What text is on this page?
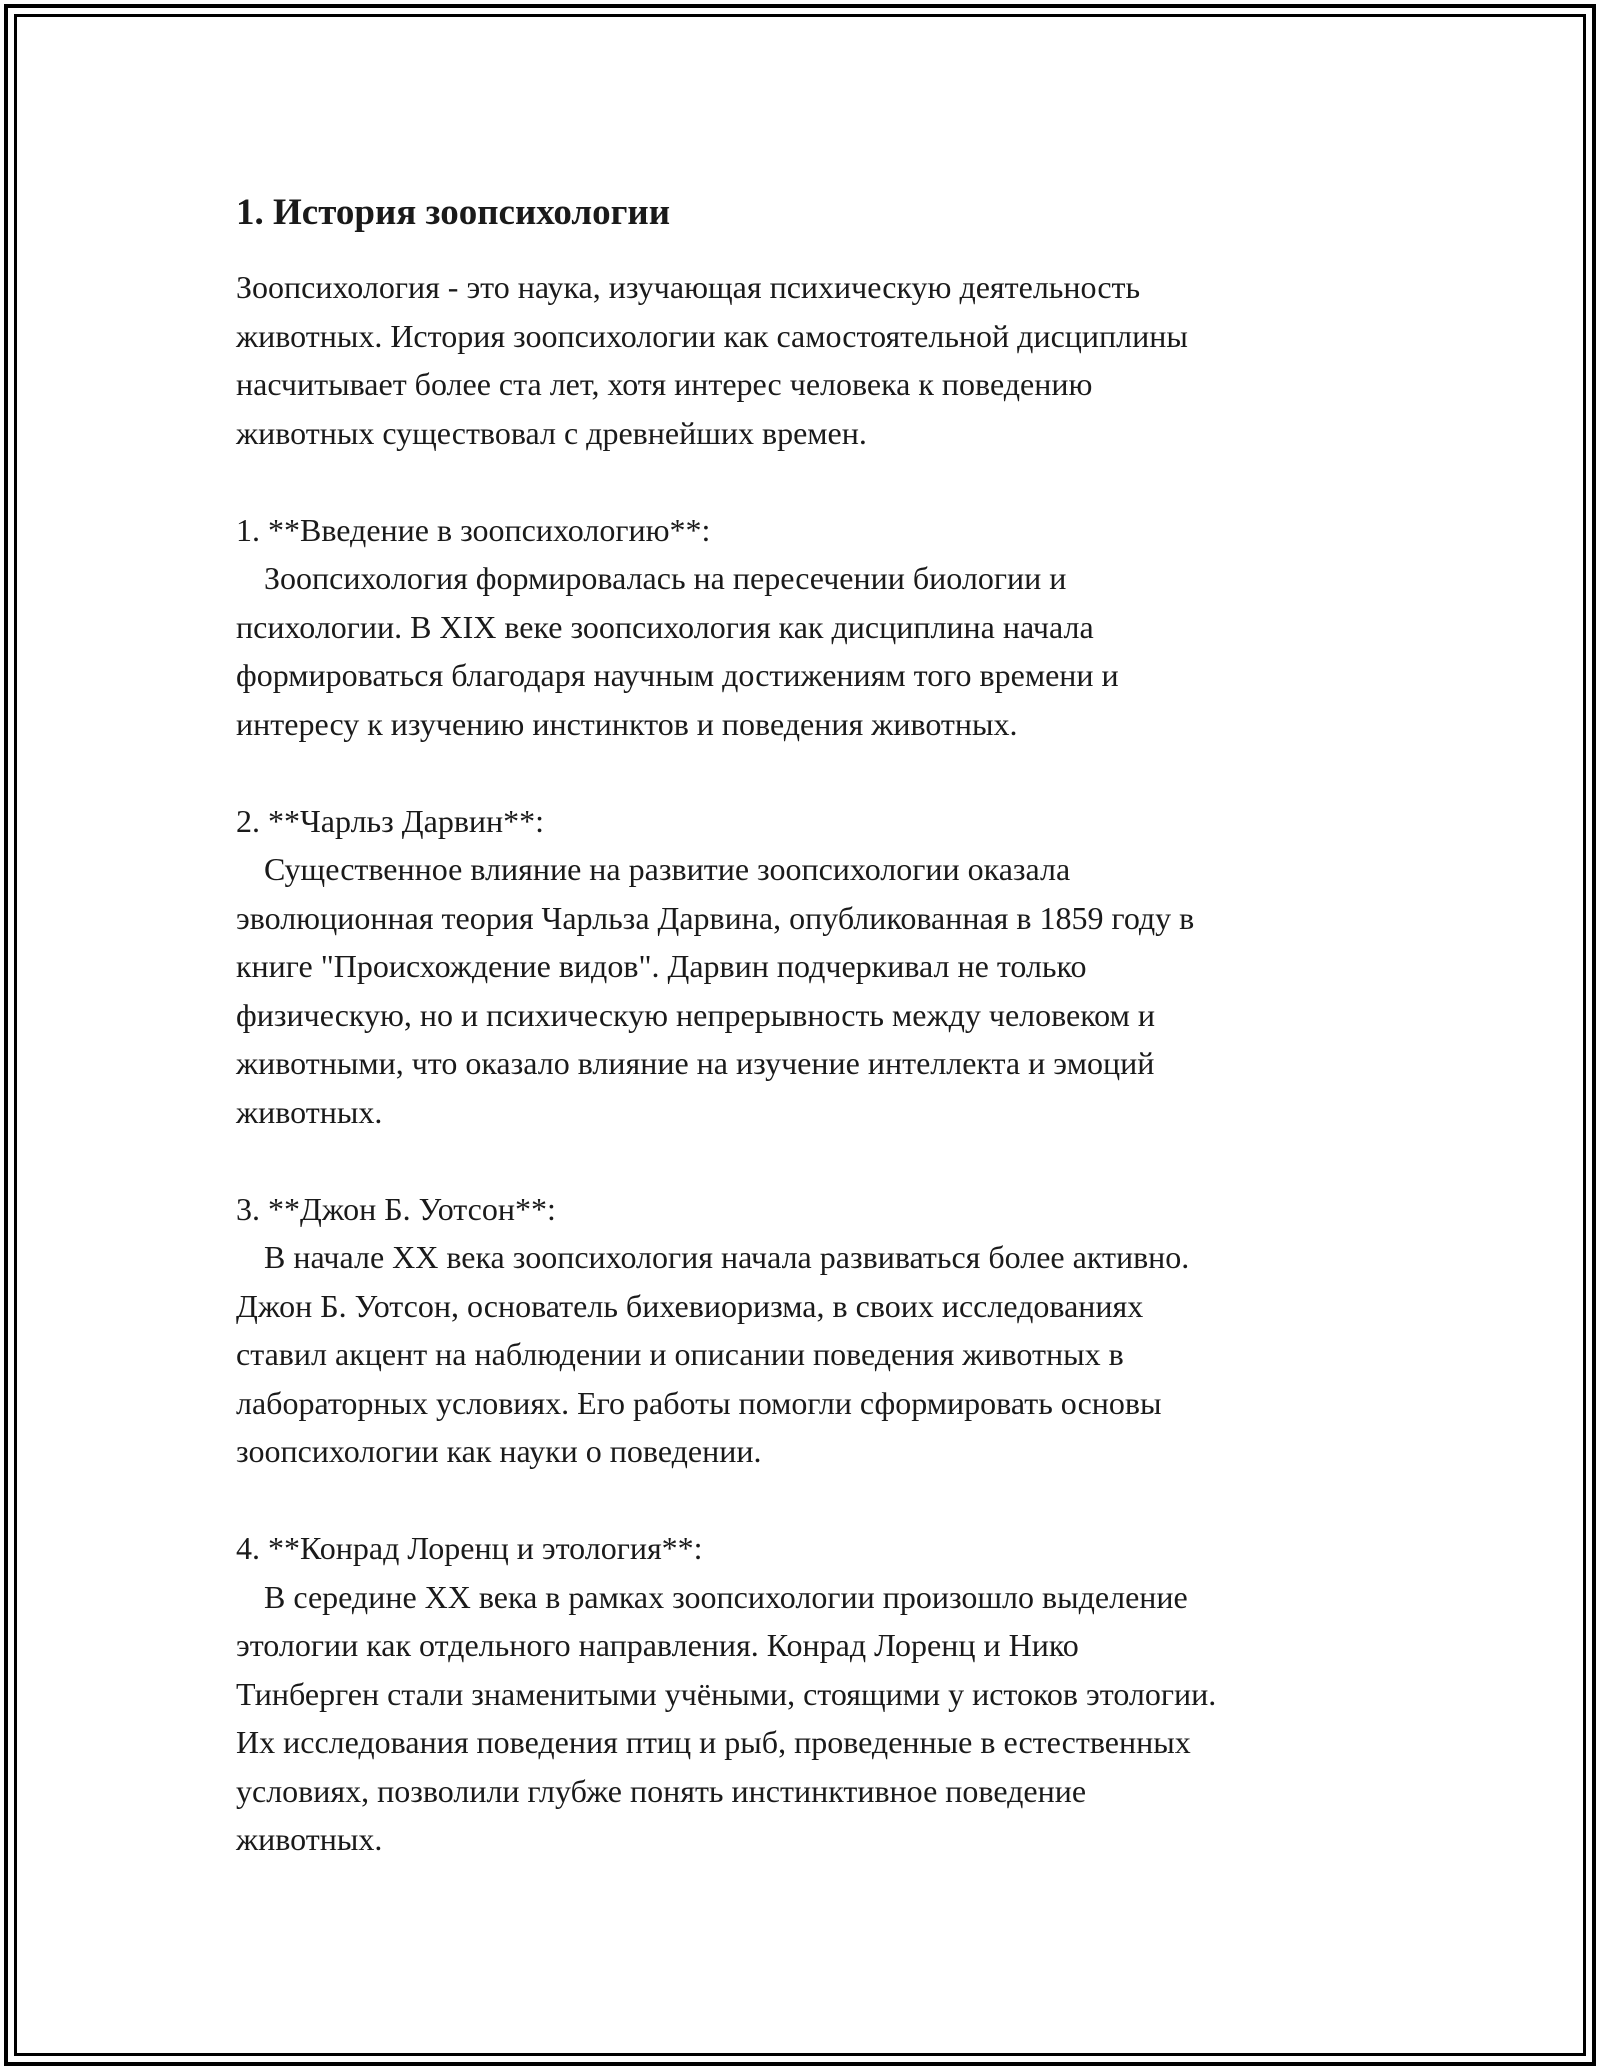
1. История зоопсихологии

Зоопсихология - это наука, изучающая психическую деятельность
животных. История зоопсихологии как самостоятельной дисциплины
насчитывает более ста лет, хотя интерес человека к поведению
животных существовал с древнейших времен.

1. **Введение в зоопсихологию**:

Зоопсихология формировалась на пересечении биологии и
психологии. В XIX веке зоопсихология как дисциплина начала
формироваться благодаря научным достижениям того времени и
интересу к изучению инстинктов и поведения животных.

2. **Чарльз Дарвин**:

Существенное влияние на развитие зоопсихологии оказала
эволюционная теория Чарльза Дарвина, опубликованная в 1859 году в
книге "Происхождение видов". Дарвин подчеркивал не только
физическую, но и психическую непрерывность между человеком и
животными, что оказало влияние на изучение интеллекта и эмоций
животных.

3. **Джон Б. Уотсон**:

В начале XX века зоопсихология начала развиваться более активно.
Джон Б. Уотсон, основатель бихевиоризма, в своих исследованиях
ставил акцент на наблюдении и описании поведения животных в
лабораторных условиях. Его работы помогли сформировать основы
зоопсихологии как науки о поведении.

4. **Конрад Лоренц и этология**:

В середине XX века в рамках зоопсихологии произошло выделение
этологии как отдельного направления. Конрад Лоренц и Нико
Тинберген стали знаменитыми учёными, стоящими у истоков этологии.
Их исследования поведения птиц и рыб, проведенные в естественных
условиях, позволили глубже понять инстинктивное поведение
животных.
